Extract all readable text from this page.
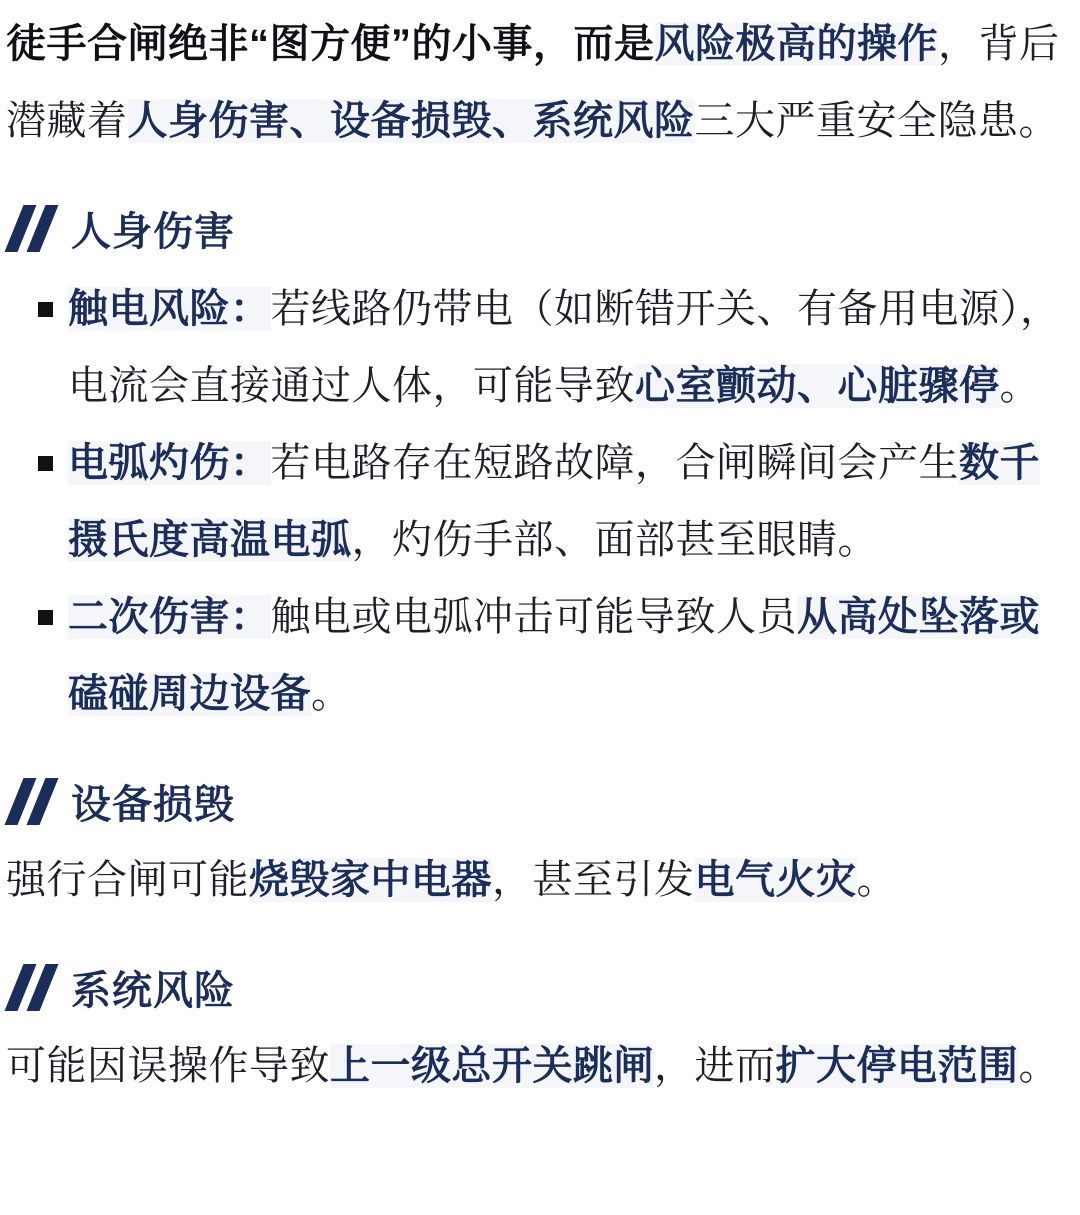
徒手合闸绝非“图方便”的小事，而是风险极高的操作，背后潜藏着人身伤害、设备损毁、系统风险三大严重安全隐患。

人身伤害
触电风险：若线路仍带电（如断错开关、有备用电源），电流会直接通过人体，可能导致心室颤动、心脏骤停。
电弧灼伤：若电路存在短路故障，合闸瞬间会产生数千摄氏度高温电弧，灼伤手部、面部甚至眼睛。
二次伤害：触电或电弧冲击可能导致人员从高处坠落或磕碰周边设备。
设备损毁

强行合闸可能烧毁家中电器，甚至引发电气火灾。

系统风险

可能因误操作导致上一级总开关跳闸，进而扩大停电范围。
